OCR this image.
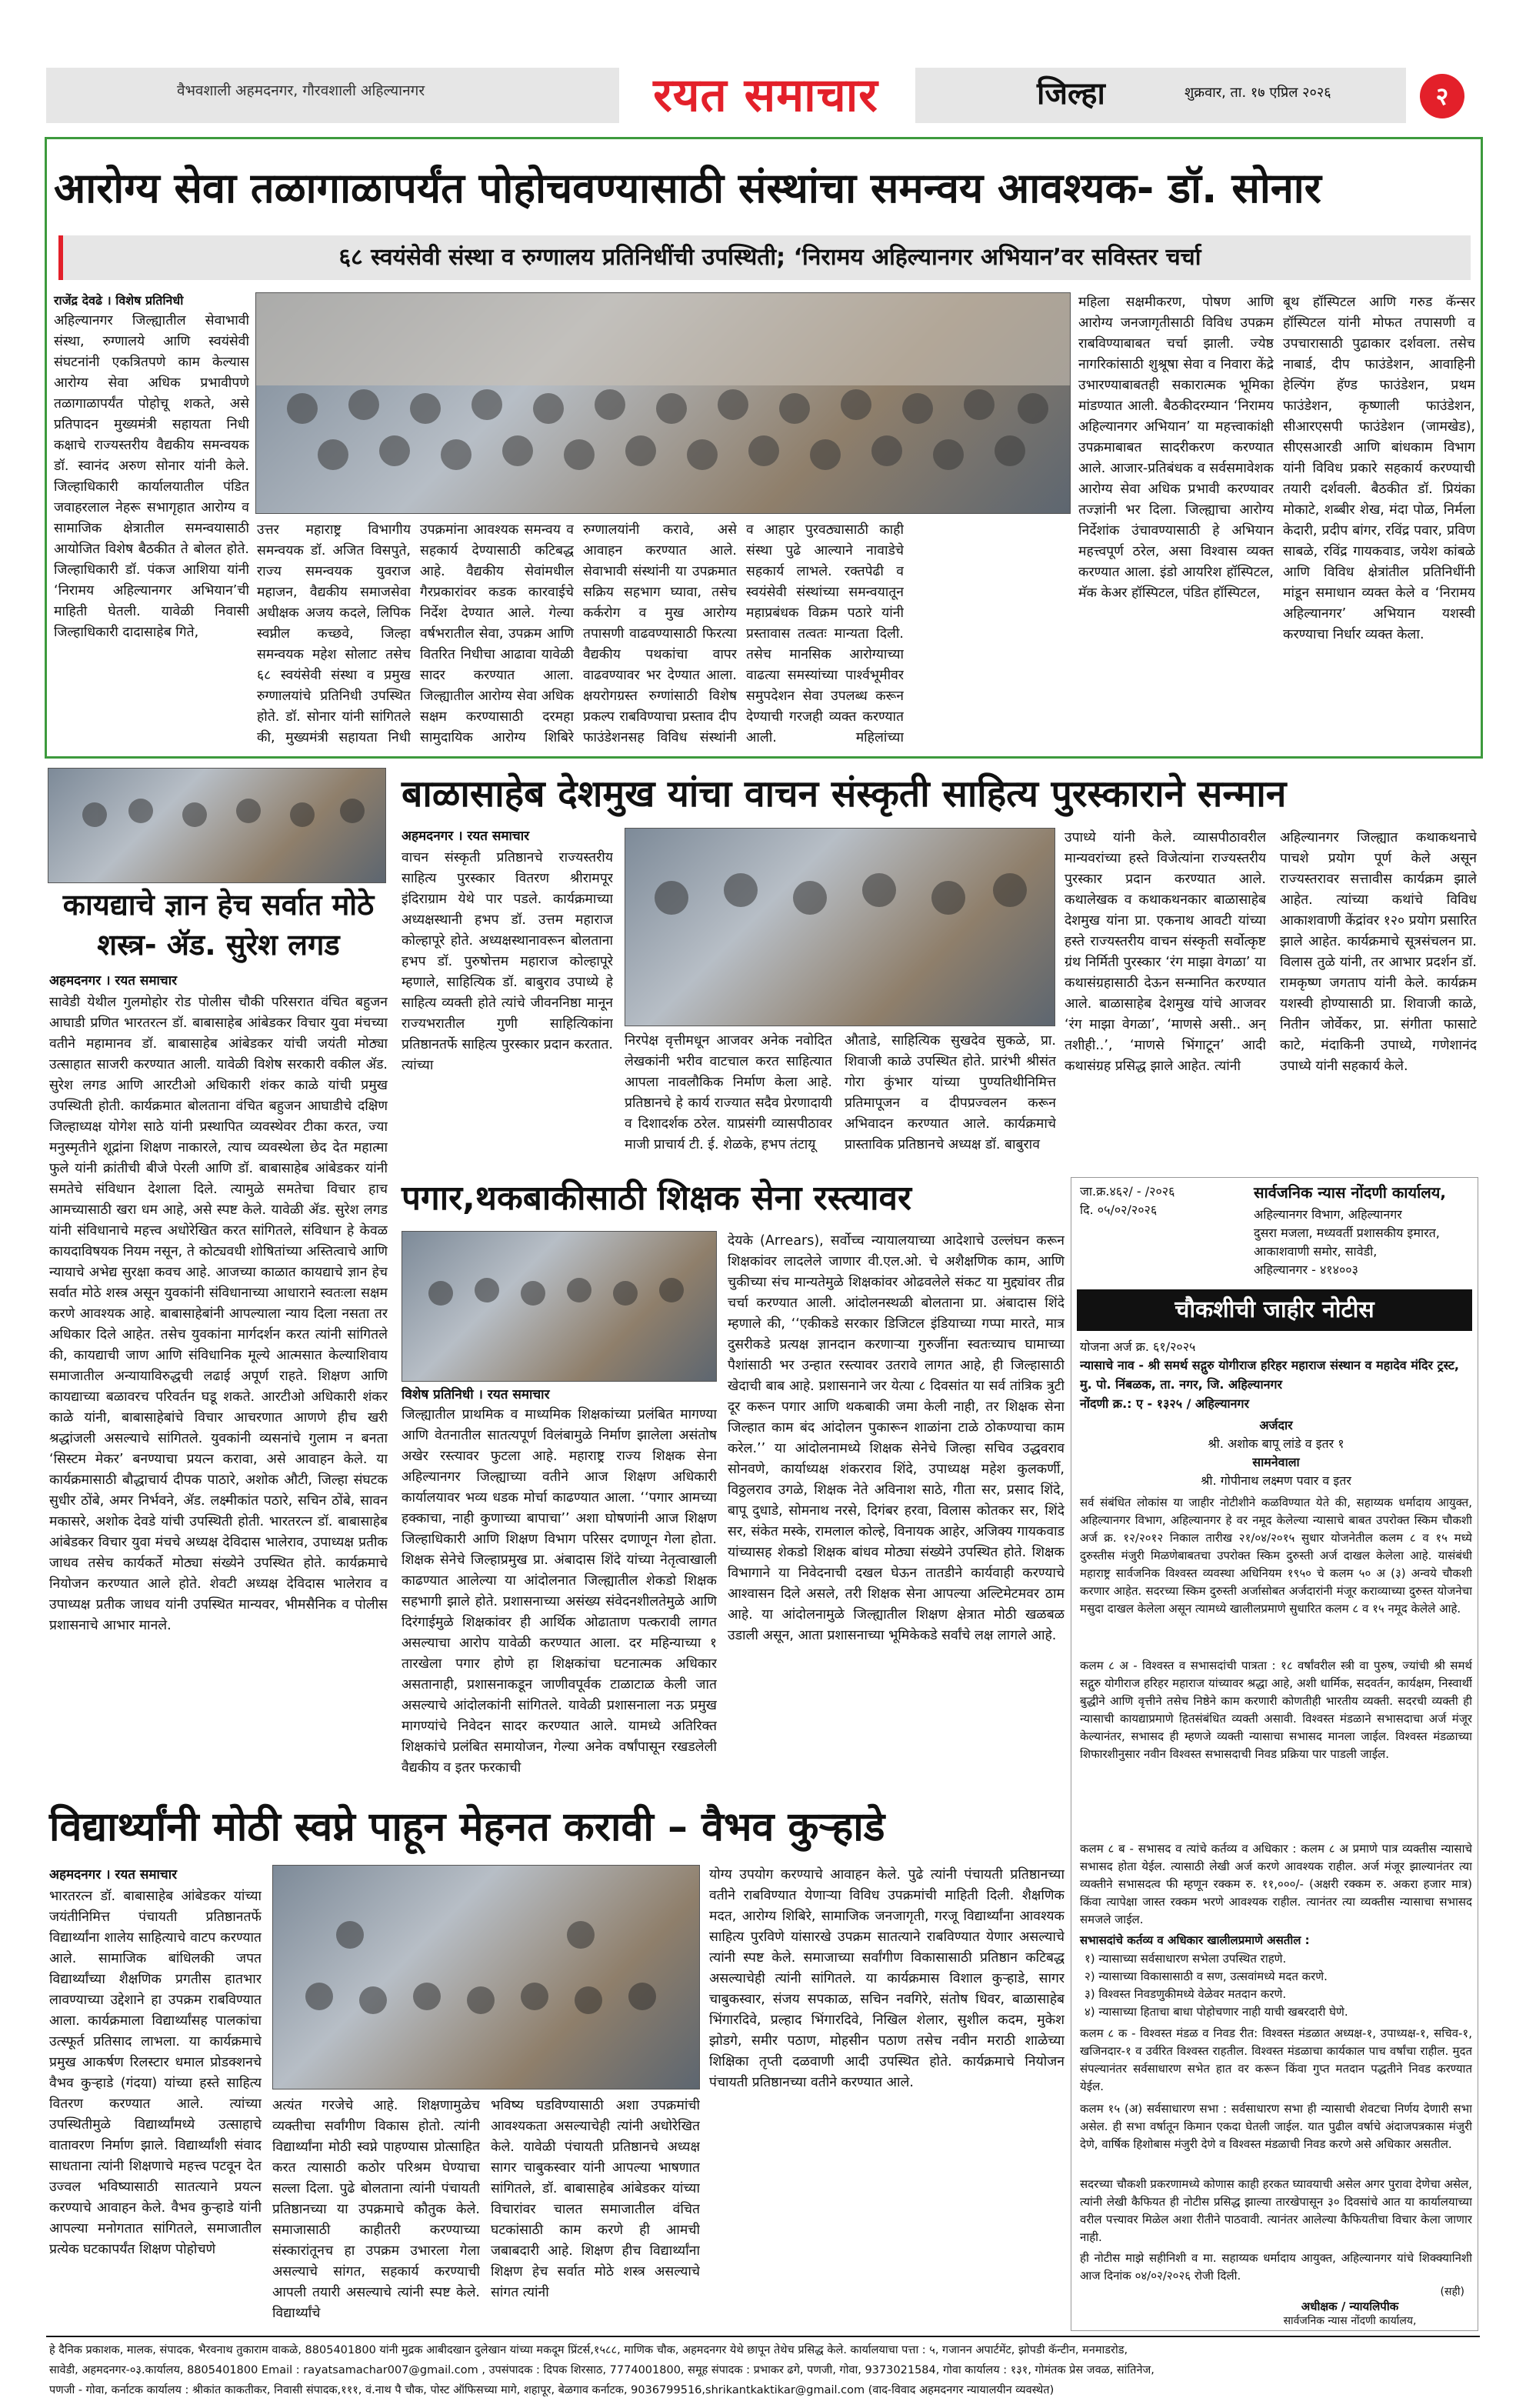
वैभवशाली अहमदनगर, गौरवशाली अहिल्यानगर	रयत समाचार	जिल्हा	शुक्रवार, ता. १७ एप्रिल २०२६	२
आरोग्य सेवा तळागाळापर्यंत पोहोचवण्यासाठी संस्थांचा समन्वय आवश्यक- डॉ. सोनार
६८ स्वयंसेवी संस्था व रुग्णालय प्रतिनिधींची उपस्थिती; ‘निरामय अहिल्यानगर अभियान’वर सविस्तर चर्चा
राजेंद्र देवढे । विशेष प्रतिनिधी
अहिल्यानगर जिल्ह्यातील सेवाभावी संस्था, रुग्णालये आणि स्वयंसेवी संघटनांनी एकत्रितपणे काम केल्यास आरोग्य सेवा अधिक प्रभावीपणे तळागाळापर्यंत पोहोचू शकते, असे प्रतिपादन मुख्यमंत्री सहायता निधी कक्षाचे राज्यस्तरीय वैद्यकीय समन्वयक डॉ. स्वानंद अरुण सोनार यांनी केले. जिल्हाधिकारी कार्यालयातील पंडित जवाहरलाल नेहरू सभागृहात आरोग्य व सामाजिक क्षेत्रातील समन्वयासाठी आयोजित विशेष बैठकीत ते बोलत होते. जिल्हाधिकारी डॉ. पंकज आशिया यांनी ‘निरामय अहिल्यानगर अभियान’ची माहिती घेतली. यावेळी निवासी जिल्हाधिकारी दादासाहेब गिते,
उत्तर महाराष्ट्र विभागीय समन्वयक डॉ. अजित विसपुते, राज्य समन्वयक युवराज महाजन, वैद्यकीय समाजसेवा अधीक्षक अजय कदले, लिपिक स्वप्नील कच्छवे, जिल्हा समन्वयक महेश सोलाट तसेच ६८ स्वयंसेवी संस्था व प्रमुख रुग्णालयांचे प्रतिनिधी उपस्थित होते. डॉ. सोनार यांनी सांगितले की, मुख्यमंत्री सहायता निधी
उपक्रमांना आवश्यक समन्वय व सहकार्य देण्यासाठी कटिबद्ध आहे. वैद्यकीय सेवांमधील गैरप्रकारांवर कडक कारवाईचे निर्देश देण्यात आले. गेल्या वर्षभरातील सेवा, उपक्रम आणि वितरित निधीचा आढावा यावेळी सादर करण्यात आला. जिल्ह्यातील आरोग्य सेवा अधिक सक्षम करण्यासाठी दरमहा सामुदायिक आरोग्य शिबिरे
रुग्णालयांनी करावे, असे आवाहन करण्यात आले. सेवाभावी संस्थांनी या उपक्रमात सक्रिय सहभाग घ्यावा, तसेच कर्करोग व मुख आरोग्य तपासणी वाढवण्यासाठी फिरत्या वैद्यकीय पथकांचा वापर वाढवण्यावर भर देण्यात आला. क्षयरोगग्रस्त रुग्णांसाठी विशेष प्रकल्प राबविण्याचा प्रस्ताव दीप फाउंडेशनसह विविध संस्थांनी
व आहार पुरवठ्यासाठी काही संस्था पुढे आल्याने नावाडेचे सहकार्य लाभले. रक्तपेढी व स्वयंसेवी संस्थांच्या समन्वयातून महाप्रबंधक विक्रम पठारे यांनी प्रस्तावास तत्वतः मान्यता दिली. तसेच मानसिक आरोग्याच्या वाढत्या समस्यांच्या पार्श्वभूमीवर समुपदेशन सेवा उपलब्ध करून देण्याची गरजही व्यक्त करण्यात आली. महिलांच्या
महिला सक्षमीकरण, पोषण आणि आरोग्य जनजागृतीसाठी विविध उपक्रम राबविण्याबाबत चर्चा झाली. ज्येष्ठ नागरिकांसाठी शुश्रूषा सेवा व निवारा केंद्रे उभारण्याबाबतही सकारात्मक भूमिका मांडण्यात आली. बैठकीदरम्यान ‘निरामय अहिल्यानगर अभियान’ या महत्त्वाकांक्षी उपक्रमाबाबत सादरीकरण करण्यात आले. आजार-प्रतिबंधक व सर्वसमावेशक आरोग्य सेवा अधिक प्रभावी करण्यावर तज्ज्ञांनी भर दिला. जिल्ह्याचा आरोग्य निर्देशांक उंचावण्यासाठी हे अभियान महत्त्वपूर्ण ठरेल, असा विश्वास व्यक्त करण्यात आला. इंडो आयरिश हॉस्पिटल, मॅक केअर हॉस्पिटल, पंडित हॉस्पिटल,
बूथ हॉस्पिटल आणि गरुड कॅन्सर हॉस्पिटल यांनी मोफत तपासणी व उपचारासाठी पुढाकार दर्शवला. तसेच नाबार्ड, दीप फाउंडेशन, आवाहिनी हेल्पिंग हॅण्ड फाउंडेशन, प्रथम फाउंडेशन, कृष्णाली फाउंडेशन, सीआरएसपी फाउंडेशन (जामखेड), सीएसआरडी आणि बांधकाम विभाग यांनी विविध प्रकारे सहकार्य करण्याची तयारी दर्शवली. बैठकीत डॉ. प्रियंका मोकाटे, शब्बीर शेख, मंदा पोळ, निर्मला केदारी, प्रदीप बांगर, रविंद्र पवार, प्रविण साबळे, रविंद्र गायकवाड, जयेश कांबळे आणि विविध क्षेत्रांतील प्रतिनिधींनी मांडून समाधान व्यक्त केले व ‘निरामय अहिल्यानगर’ अभियान यशस्वी करण्याचा निर्धार व्यक्त केला.
कायद्याचे ज्ञान हेच सर्वात मोठे शस्त्र- ॲड. सुरेश लगड
अहमदनगर । रयत समाचार
सावेडी येथील गुलमोहोर रोड पोलीस चौकी परिसरात वंचित बहुजन आघाडी प्रणित भारतरत्न डॉ. बाबासाहेब आंबेडकर विचार युवा मंचच्या वतीने महामानव डॉ. बाबासाहेब आंबेडकर यांची जयंती मोठ्या उत्साहात साजरी करण्यात आली. यावेळी विशेष सरकारी वकील ॲड. सुरेश लगड आणि आरटीओ अधिकारी शंकर काळे यांची प्रमुख उपस्थिती होती. कार्यक्रमात बोलताना वंचित बहुजन आघाडीचे दक्षिण जिल्हाध्यक्ष योगेश साठे यांनी प्रस्थापित व्यवस्थेवर टीका करत, ज्या मनुस्मृतीने शूद्रांना शिक्षण नाकारले, त्याच व्यवस्थेला छेद देत महात्मा फुले यांनी क्रांतीची बीजे पेरली आणि डॉ. बाबासाहेब आंबेडकर यांनी समतेचे संविधान देशाला दिले. त्यामुळे समतेचा विचार हाच आमच्यासाठी खरा धम आहे, असे स्पष्ट केले. यावेळी ॲड. सुरेश लगड यांनी संविधानाचे महत्त्व अधोरेखित करत सांगितले, संविधान हे केवळ कायदाविषयक नियम नसून, ते कोट्यवधी शोषितांच्या अस्तित्वाचे आणि न्यायाचे अभेद्य सुरक्षा कवच आहे. आजच्या काळात कायद्याचे ज्ञान हेच सर्वात मोठे शस्त्र असून युवकांनी संविधानाच्या आधाराने स्वतःला सक्षम करणे आवश्यक आहे. बाबासाहेबांनी आपल्याला न्याय दिला नसता तर अधिकार दिले आहेत. तसेच युवकांना मार्गदर्शन करत त्यांनी सांगितले की, कायद्याची जाण आणि संविधानिक मूल्ये आत्मसात केल्याशिवाय समाजातील अन्यायाविरुद्धची लढाई अपूर्ण राहते. शिक्षण आणि कायद्याच्या बळावरच परिवर्तन घडू शकते. आरटीओ अधिकारी शंकर काळे यांनी, बाबासाहेबांचे विचार आचरणात आणणे हीच खरी श्रद्धांजली असल्याचे सांगितले. युवकांनी व्यसनांचे गुलाम न बनता ‘सिस्टम मेकर’ बनण्याचा प्रयत्न करावा, असे आवाहन केले. या कार्यक्रमासाठी बौद्धाचार्य दीपक पाठारे, अशोक औटी, जिल्हा संघटक सुधीर ठोंबे, अमर निर्भवने, ॲड. लक्ष्मीकांत पठारे, सचिन ठोंबे, सावन मकासरे, अशोक देवडे यांची उपस्थिती होती. भारतरत्न डॉ. बाबासाहेब आंबेडकर विचार युवा मंचचे अध्यक्ष देविदास भालेराव, उपाध्यक्ष प्रतीक जाधव तसेच कार्यकर्ते मोठ्या संख्येने उपस्थित होते. कार्यक्रमाचे नियोजन करण्यात आले होते. शेवटी अध्यक्ष देविदास भालेराव व उपाध्यक्ष प्रतीक जाधव यांनी उपस्थित मान्यवर, भीमसैनिक व पोलीस प्रशासनाचे आभार मानले.
बाळासाहेब देशमुख यांचा वाचन संस्कृती साहित्य पुरस्काराने सन्मान
अहमदनगर । रयत समाचार
वाचन संस्कृती प्रतिष्ठानचे राज्यस्तरीय साहित्य पुरस्कार वितरण श्रीरामपूर इंदिराग्राम येथे पार पडले. कार्यक्रमाच्या अध्यक्षस्थानी हभप डॉ. उत्तम महाराज कोल्हापूरे होते. अध्यक्षस्थानावरून बोलताना हभप डॉ. पुरुषोत्तम महाराज कोल्हापूरे म्हणाले, साहित्यिक डॉ. बाबुराव उपाध्ये हे साहित्य व्यक्ती होते त्यांचे जीवननिष्ठा मानून राज्यभरातील गुणी साहित्यिकांना प्रतिष्ठानतर्फे साहित्य पुरस्कार प्रदान करतात. त्यांच्या
निरपेक्ष वृत्तीमधून आजवर अनेक नवोदित लेखकांनी भरीव वाटचाल करत साहित्यात आपला नावलौकिक निर्माण केला आहे. प्रतिष्ठानचे हे कार्य राज्यात सदैव प्रेरणादायी व दिशादर्शक ठरेल. याप्रसंगी व्यासपीठावर माजी प्राचार्य टी. ई. शेळके, हभप तंटायू
औताडे, साहित्यिक सुखदेव सुकळे, प्रा. शिवाजी काळे उपस्थित होते. प्रारंभी श्रीसंत गोरा कुंभार यांच्या पुण्यतिथीनिमित्त प्रतिमापूजन व दीपप्रज्वलन करून अभिवादन करण्यात आले. कार्यक्रमाचे प्रास्ताविक प्रतिष्ठानचे अध्यक्ष डॉ. बाबुराव
उपाध्ये यांनी केले. व्यासपीठावरील मान्यवरांच्या हस्ते विजेत्यांना राज्यस्तरीय पुरस्कार प्रदान करण्यात आले. कथालेखक व कथाकथनकार बाळासाहेब देशमुख यांना प्रा. एकनाथ आवटी यांच्या हस्ते राज्यस्तरीय वाचन संस्कृती सर्वोत्कृष्ट ग्रंथ निर्मिती पुरस्कार ‘रंग माझा वेगळा’ या कथासंग्रहासाठी देऊन सन्मानित करण्यात आले. बाळासाहेब देशमुख यांचे आजवर ‘रंग माझा वेगळा’, ‘माणसे असी.. अन् तशीही..’, ‘माणसे भिंगाटून’ आदी कथासंग्रह प्रसिद्ध झाले आहेत. त्यांनी
अहिल्यानगर जिल्ह्यात कथाकथनाचे पाचशे प्रयोग पूर्ण केले असून राज्यस्तरावर सत्तावीस कार्यक्रम झाले आहेत. त्यांच्या कथांचे विविध आकाशवाणी केंद्रांवर १२० प्रयोग प्रसारित झाले आहेत. कार्यक्रमाचे सूत्रसंचलन प्रा. विलास तुळे यांनी, तर आभार प्रदर्शन डॉ. रामकृष्ण जगताप यांनी केले. कार्यक्रम यशस्वी होण्यासाठी प्रा. शिवाजी काळे, नितीन जोर्वेकर, प्रा. संगीता फासाटे काटे, मंदाकिनी उपाध्ये, गणेशानंद उपाध्ये यांनी सहकार्य केले.
पगार,थकबाकीसाठी शिक्षक सेना रस्त्यावर
विशेष प्रतिनिधी । रयत समाचार
जिल्ह्यातील प्राथमिक व माध्यमिक शिक्षकांच्या प्रलंबित मागण्या आणि वेतनातील सातत्यपूर्ण विलंबामुळे निर्माण झालेला असंतोष अखेर रस्त्यावर फुटला आहे. महाराष्ट्र राज्य शिक्षक सेना अहिल्यानगर जिल्ह्याच्या वतीने आज शिक्षण अधिकारी कार्यालयावर भव्य धडक मोर्चा काढण्यात आला. ‘‘पगार आमच्या हक्काचा, नाही कुणाच्या बापाचा’’ अशा घोषणांनी आज शिक्षण जिल्हाधिकारी आणि शिक्षण विभाग परिसर दणाणून गेला होता. शिक्षक सेनेचे जिल्हाप्रमुख प्रा. अंबादास शिंदे यांच्या नेतृत्वाखाली काढण्यात आलेल्या या आंदोलनात जिल्ह्यातील शेकडो शिक्षक सहभागी झाले होते. प्रशासनाच्या असंख्य संवेदनशीलतेमुळे आणि दिरंगाईमुळे शिक्षकांवर ही आर्थिक ओढाताण पत्करावी लागत असल्याचा आरोप यावेळी करण्यात आला. दर महिन्याच्या १ तारखेला पगार होणे हा शिक्षकांचा घटनात्मक अधिकार असतानाही, प्रशासनाकडून जाणीवपूर्वक टाळाटाळ केली जात असल्याचे आंदोलकांनी सांगितले. यावेळी प्रशासनाला नऊ प्रमुख मागण्यांचे निवेदन सादर करण्यात आले. यामध्ये अतिरिक्त शिक्षकांचे प्रलंबित समायोजन, गेल्या अनेक वर्षांपासून रखडलेली वैद्यकीय व इतर फरकाची
देयके (Arrears), सर्वोच्च न्यायालयाच्या आदेशाचे उल्लंघन करून शिक्षकांवर लादलेले जाणार वी.एल.ओ. चे अशैक्षणिक काम, आणि चुकीच्या संच मान्यतेमुळे शिक्षकांवर ओढवलेले संकट या मुद्द्यांवर तीव्र चर्चा करण्यात आली. आंदोलनस्थळी बोलताना प्रा. अंबादास शिंदे म्हणाले की, ‘‘एकीकडे सरकार डिजिटल इंडियाच्या गप्पा मारते, मात्र दुसरीकडे प्रत्यक्ष ज्ञानदान करणाऱ्या गुरुजींना स्वतःच्याच घामाच्या पैशांसाठी भर उन्हात रस्त्यावर उतरावे लागत आहे, ही जिल्हासाठी खेदाची बाब आहे. प्रशासनाने जर येत्या ८ दिवसांत या सर्व तांत्रिक त्रुटी दूर करून पगार आणि थकबाकी जमा केली नाही, तर शिक्षक सेना जिल्हात काम बंद आंदोलन पुकारून शाळांना टाळे ठोकण्याचा काम करेल.’’ या आंदोलनामध्ये शिक्षक सेनेचे जिल्हा सचिव उद्धवराव सोनवणे, कार्याध्यक्ष शंकरराव शिंदे, उपाध्यक्ष महेश कुलकर्णी, विठ्ठलराव उगळे, शिक्षक नेते अविनाश साठे, गीता सर, प्रसाद शिंदे, बापू दुधाडे, सोमनाथ नरसे, दिगंबर हरवा, विलास कोतकर सर, शिंदे सर, संकेत मस्के, रामलाल कोल्हे, विनायक आहेर, अजिक्य गायकवाड यांच्यासह शेकडो शिक्षक बांधव मोठ्या संख्येने उपस्थित होते. शिक्षक विभागाने या निवेदनाची दखल घेऊन तातडीने कार्यवाही करण्याचे आश्वासन दिले असले, तरी शिक्षक सेना आपल्या अल्टिमेटमवर ठाम आहे. या आंदोलनामुळे जिल्ह्यातील शिक्षण क्षेत्रात मोठी खळबळ उडाली असून, आता प्रशासनाच्या भूमिकेकडे सर्वांचे लक्ष लागले आहे.
जा.क्र.४६२/ - /२०२६
दि. ०५/०२/२०२६
सार्वजनिक न्यास नोंदणी कार्यालय,
अहिल्यानगर विभाग, अहिल्यानगर
दुसरा मजला, मध्यवर्ती प्रशासकीय इमारत,
आकाशवाणी समोर, सावेडी,
अहिल्यानगर - ४१४००३
चौकशीची जाहीर नोटीस
योजना अर्ज क्र. ६१/२०२५
न्यासाचे नाव - श्री समर्थ सद्गुरु योगीराज हरिहर महाराज संस्थान व महादेव मंदिर ट्रस्ट, मु. पो. निंबळक, ता. नगर, जि. अहिल्यानगर
नोंदणी क्र.: ए - १३२५ / अहिल्यानगर
अर्जदार
श्री. अशोक बापू लांडे व इतर १
सामनेवाला
श्री. गोपीनाथ लक्ष्मण पवार व इतर
सर्व संबंधित लोकांस या जाहीर नोटीशीने कळविण्यात येते की, सहाय्यक धर्मादाय आयुक्त, अहिल्यानगर विभाग, अहिल्यानगर हे वर नमूद केलेल्या न्यासाचे बाबत उपरोक्त स्किम चौकशी अर्ज क्र. १२/२०१२ निकाल तारीख २१/०४/२०१५ सुधार योजनेतील कलम ८ व १५ मध्ये दुरुस्तीस मंजुरी मिळणेबाबतचा उपरोक्त स्किम दुरुस्ती अर्ज दाखल केलेला आहे. यासंबंधी महाराष्ट्र सार्वजनिक विश्वस्त व्यवस्था अधिनियम १९५० चे कलम ५० अ (३) अन्वये चौकशी करणार आहेत. सदरच्या स्किम दुरुस्ती अर्जासोबत अर्जदारांनी मंजूर कराव्याच्या दुरुस्त योजनेचा मसुदा दाखल केलेला असून त्यामध्ये खालीलप्रमाणे सुधारित कलम ८ व १५ नमूद केलेले आहे.
कलम ८ अ - विश्वस्त व सभासदांची पात्रता : १८ वर्षांवरील स्त्री वा पुरुष, ज्यांची श्री समर्थ सद्गुरु योगीराज हरिहर महाराज यांच्यावर श्रद्धा आहे, अशी धार्मिक, सदवर्तन, कार्यक्षम, निस्वार्थी बुद्धीने आणि वृत्तीने तसेच निष्ठेने काम करणारी कोणतीही भारतीय व्यक्ती. सदरची व्यक्ती ही न्यासाची कायद्याप्रमाणे हितसंबंधित व्यक्ती असावी. विश्वस्त मंडळाने सभासदाचा अर्ज मंजूर केल्यानंतर, सभासद ही म्हणजे व्यक्ती न्यासाचा सभासद मानला जाईल. विश्वस्त मंडळाच्या शिफारशीनुसार नवीन विश्वस्त सभासदाची निवड प्रक्रिया पार पाडली जाईल.
कलम ८ ब - सभासद व त्यांचे कर्तव्य व अधिकार : कलम ८ अ प्रमाणे पात्र व्यक्तीस न्यासाचे सभासद होता येईल. त्यासाठी लेखी अर्ज करणे आवश्यक राहील. अर्ज मंजूर झाल्यानंतर त्या व्यक्तीने सभासदत्व फी म्हणून रक्कम रु. ११,०००/- (अक्षरी रक्कम रु. अकरा हजार मात्र) किंवा त्यापेक्षा जास्त रक्कम भरणे आवश्यक राहील. त्यानंतर त्या व्यक्तीस न्यासाचा सभासद समजले जाईल.
सभासदांचे कर्तव्य व अधिकार खालीलप्रमाणे असतील :
१) न्यासाच्या सर्वसाधारण सभेला उपस्थित राहणे.
२) न्यासाच्या विकासासाठी व सण, उत्सवांमध्ये मदत करणे.
३) विश्वस्त निवडणुकीमध्ये वेळेवर मतदान करणे.
४) न्यासाच्या हिताचा बाधा पोहोचणार नाही याची खबरदारी घेणे.
कलम ८ क - विश्वस्त मंडळ व निवड रीत: विश्वस्त मंडळात अध्यक्ष-१, उपाध्यक्ष-१, सचिव-१, खजिनदार-१ व उर्वरित विश्वस्त राहतील. विश्वस्त मंडळाचा कार्यकाल पाच वर्षांचा राहील. मुदत संपल्यानंतर सर्वसाधारण सभेत हात वर करून किंवा गुप्त मतदान पद्धतीने निवड करण्यात येईल.
कलम १५ (अ) सर्वसाधारण सभा : सर्वसाधारण सभा ही न्यासाची शेवटचा निर्णय देणारी सभा असेल. ही सभा वर्षातून किमान एकदा घेतली जाईल. यात पुढील वर्षाचे अंदाजपत्रकास मंजुरी देणे, वार्षिक हिशोबास मंजुरी देणे व विश्वस्त मंडळाची निवड करणे असे अधिकार असतील.
सदरच्या चौकशी प्रकरणामध्ये कोणास काही हरकत घ्यावयाची असेल अगर पुरावा देणेचा असेल, त्यांनी लेखी कैफियत ही नोटीस प्रसिद्ध झाल्या तारखेपासून ३० दिवसांचे आत या कार्यालयाच्या वरील पत्त्यावर मिळेल अशा रीतीने पाठवावी. त्यानंतर आलेल्या कैफियतीचा विचार केला जाणार नाही.
ही नोटीस माझे सहीनिशी व मा. सहाय्यक धर्मादाय आयुक्त, अहिल्यानगर यांचे शिक्क्यानिशी आज दिनांक ०४/०२/२०२६ रोजी दिली.
(सही)
अधीक्षक / न्यायलिपीक
सार्वजनिक न्यास नोंदणी कार्यालय,
विद्यार्थ्यांनी मोठी स्वप्ने पाहून मेहनत करावी – वैभव कुऱ्हाडे
अहमदनगर । रयत समाचार
भारतरत्न डॉ. बाबासाहेब आंबेडकर यांच्या जयंतीनिमित्त पंचायती प्रतिष्ठानतर्फे विद्यार्थ्यांना शालेय साहित्याचे वाटप करण्यात आले. सामाजिक बांधिलकी जपत विद्यार्थ्यांच्या शैक्षणिक प्रगतीस हातभार लावण्याच्या उद्देशाने हा उपक्रम राबविण्यात आला. कार्यक्रमाला विद्यार्थ्यांसह पालकांचा उत्स्फूर्त प्रतिसाद लाभला. या कार्यक्रमाचे प्रमुख आकर्षण रिलस्टार धमाल प्रोडक्शनचे वैभव कुऱ्हाडे (गंदया) यांच्या हस्ते साहित्य वितरण करण्यात आले. त्यांच्या उपस्थितीमुळे विद्यार्थ्यांमध्ये उत्साहाचे वातावरण निर्माण झाले. विद्यार्थ्यांशी संवाद साधताना त्यांनी शिक्षणाचे महत्त्व पटवून देत उज्वल भविष्यासाठी सातत्याने प्रयत्न करण्याचे आवाहन केले. वैभव कुऱ्हाडे यांनी आपल्या मनोगतात सांगितले, समाजातील प्रत्येक घटकापर्यंत शिक्षण पोहोचणे
अत्यंत गरजेचे आहे. शिक्षणामुळेच व्यक्तीचा सर्वांगीण विकास होतो. त्यांनी विद्यार्थ्यांना मोठी स्वप्ने पाहण्यास प्रोत्साहित करत त्यासाठी कठोर परिश्रम घेण्याचा सल्ला दिला. पुढे बोलताना त्यांनी पंचायती प्रतिष्ठानच्या या उपक्रमाचे कौतुक केले. समाजासाठी काहीतरी करण्याच्या संस्कारांतूनच हा उपक्रम उभारला गेला असल्याचे सांगत, सहकार्य करण्याची आपली तयारी असल्याचे त्यांनी स्पष्ट केले. विद्यार्थ्यांचे
भविष्य घडविण्यासाठी अशा उपक्रमांची आवश्यकता असल्याचेही त्यांनी अधोरेखित केले. यावेळी पंचायती प्रतिष्ठानचे अध्यक्ष सागर चाबुकस्वार यांनी आपल्या भाषणात सांगितले, डॉ. बाबासाहेब आंबेडकर यांच्या विचारांवर चालत समाजातील वंचित घटकांसाठी काम करणे ही आमची जबाबदारी आहे. शिक्षण हीच विद्यार्थ्यांना शिक्षण हेच सर्वात मोठे शस्त्र असल्याचे सांगत त्यांनी
योग्य उपयोग करण्याचे आवाहन केले. पुढे त्यांनी पंचायती प्रतिष्ठानच्या वतीने राबविण्यात येणाऱ्या विविध उपक्रमांची माहिती दिली. शैक्षणिक मदत, आरोग्य शिबिरे, सामाजिक जनजागृती, गरजू विद्यार्थ्यांना आवश्यक साहित्य पुरविणे यांसारखे उपक्रम सातत्याने राबविण्यात येणार असल्याचे त्यांनी स्पष्ट केले. समाजाच्या सर्वांगीण विकासासाठी प्रतिष्ठान कटिबद्ध असल्याचेही त्यांनी सांगितले. या कार्यक्रमास विशाल कुऱ्हाडे, सागर चाबुकस्वार, संजय सपकाळ, सचिन नवगिरे, संतोष धिवर, बाळासाहेब भिंगारदिवे, प्रल्हाद भिंगारदिवे, निखिल शेलार, सुशील कदम, मुकेश झोडगे, समीर पठाण, मोहसीन पठाण तसेच नवीन मराठी शाळेच्या शिक्षिका तृप्ती दळवाणी आदी उपस्थित होते. कार्यक्रमाचे नियोजन पंचायती प्रतिष्ठानच्या वतीने करण्यात आले.
हे दैनिक प्रकाशक, मालक, संपादक, भैरवनाथ तुकाराम वाकळे, 8805401800 यांनी मुद्रक आबीदखान दुलेखान यांच्या मकदूम प्रिंटर्स,१५८८, माणिक चौक, अहमदनगर येथे छापून तेथेच प्रसिद्ध केले. कार्यालयाचा पत्ता : ५, गजानन अपार्टमेंट, झोपडी कॅन्टीन, मनमाडरोड,
सावेडी, अहमदनगर-०३.कार्यालय, 8805401800 Email : rayatsamachar007@gmail.com , उपसंपादक : दिपक शिरसाठ, 7774001800, समूह संपादक : प्रभाकर ढगे, पणजी, गोवा, 9373021584, गोवा कार्यालय : १३१, गोमंतक प्रेस जवळ, सांतिनेज,
पणजी - गोवा, कर्नाटक कार्यालय : श्रीकांत काकतीकर, निवासी संपादक,१११, वं.नाथ पै चौक, पोस्ट ऑफिसच्या मागे, शहापूर, बेळगाव कर्नाटक, 9036799516,shrikantkaktikar@gmail.com (वाद-विवाद अहमदनगर न्यायालयीन व्यवस्थेत)
